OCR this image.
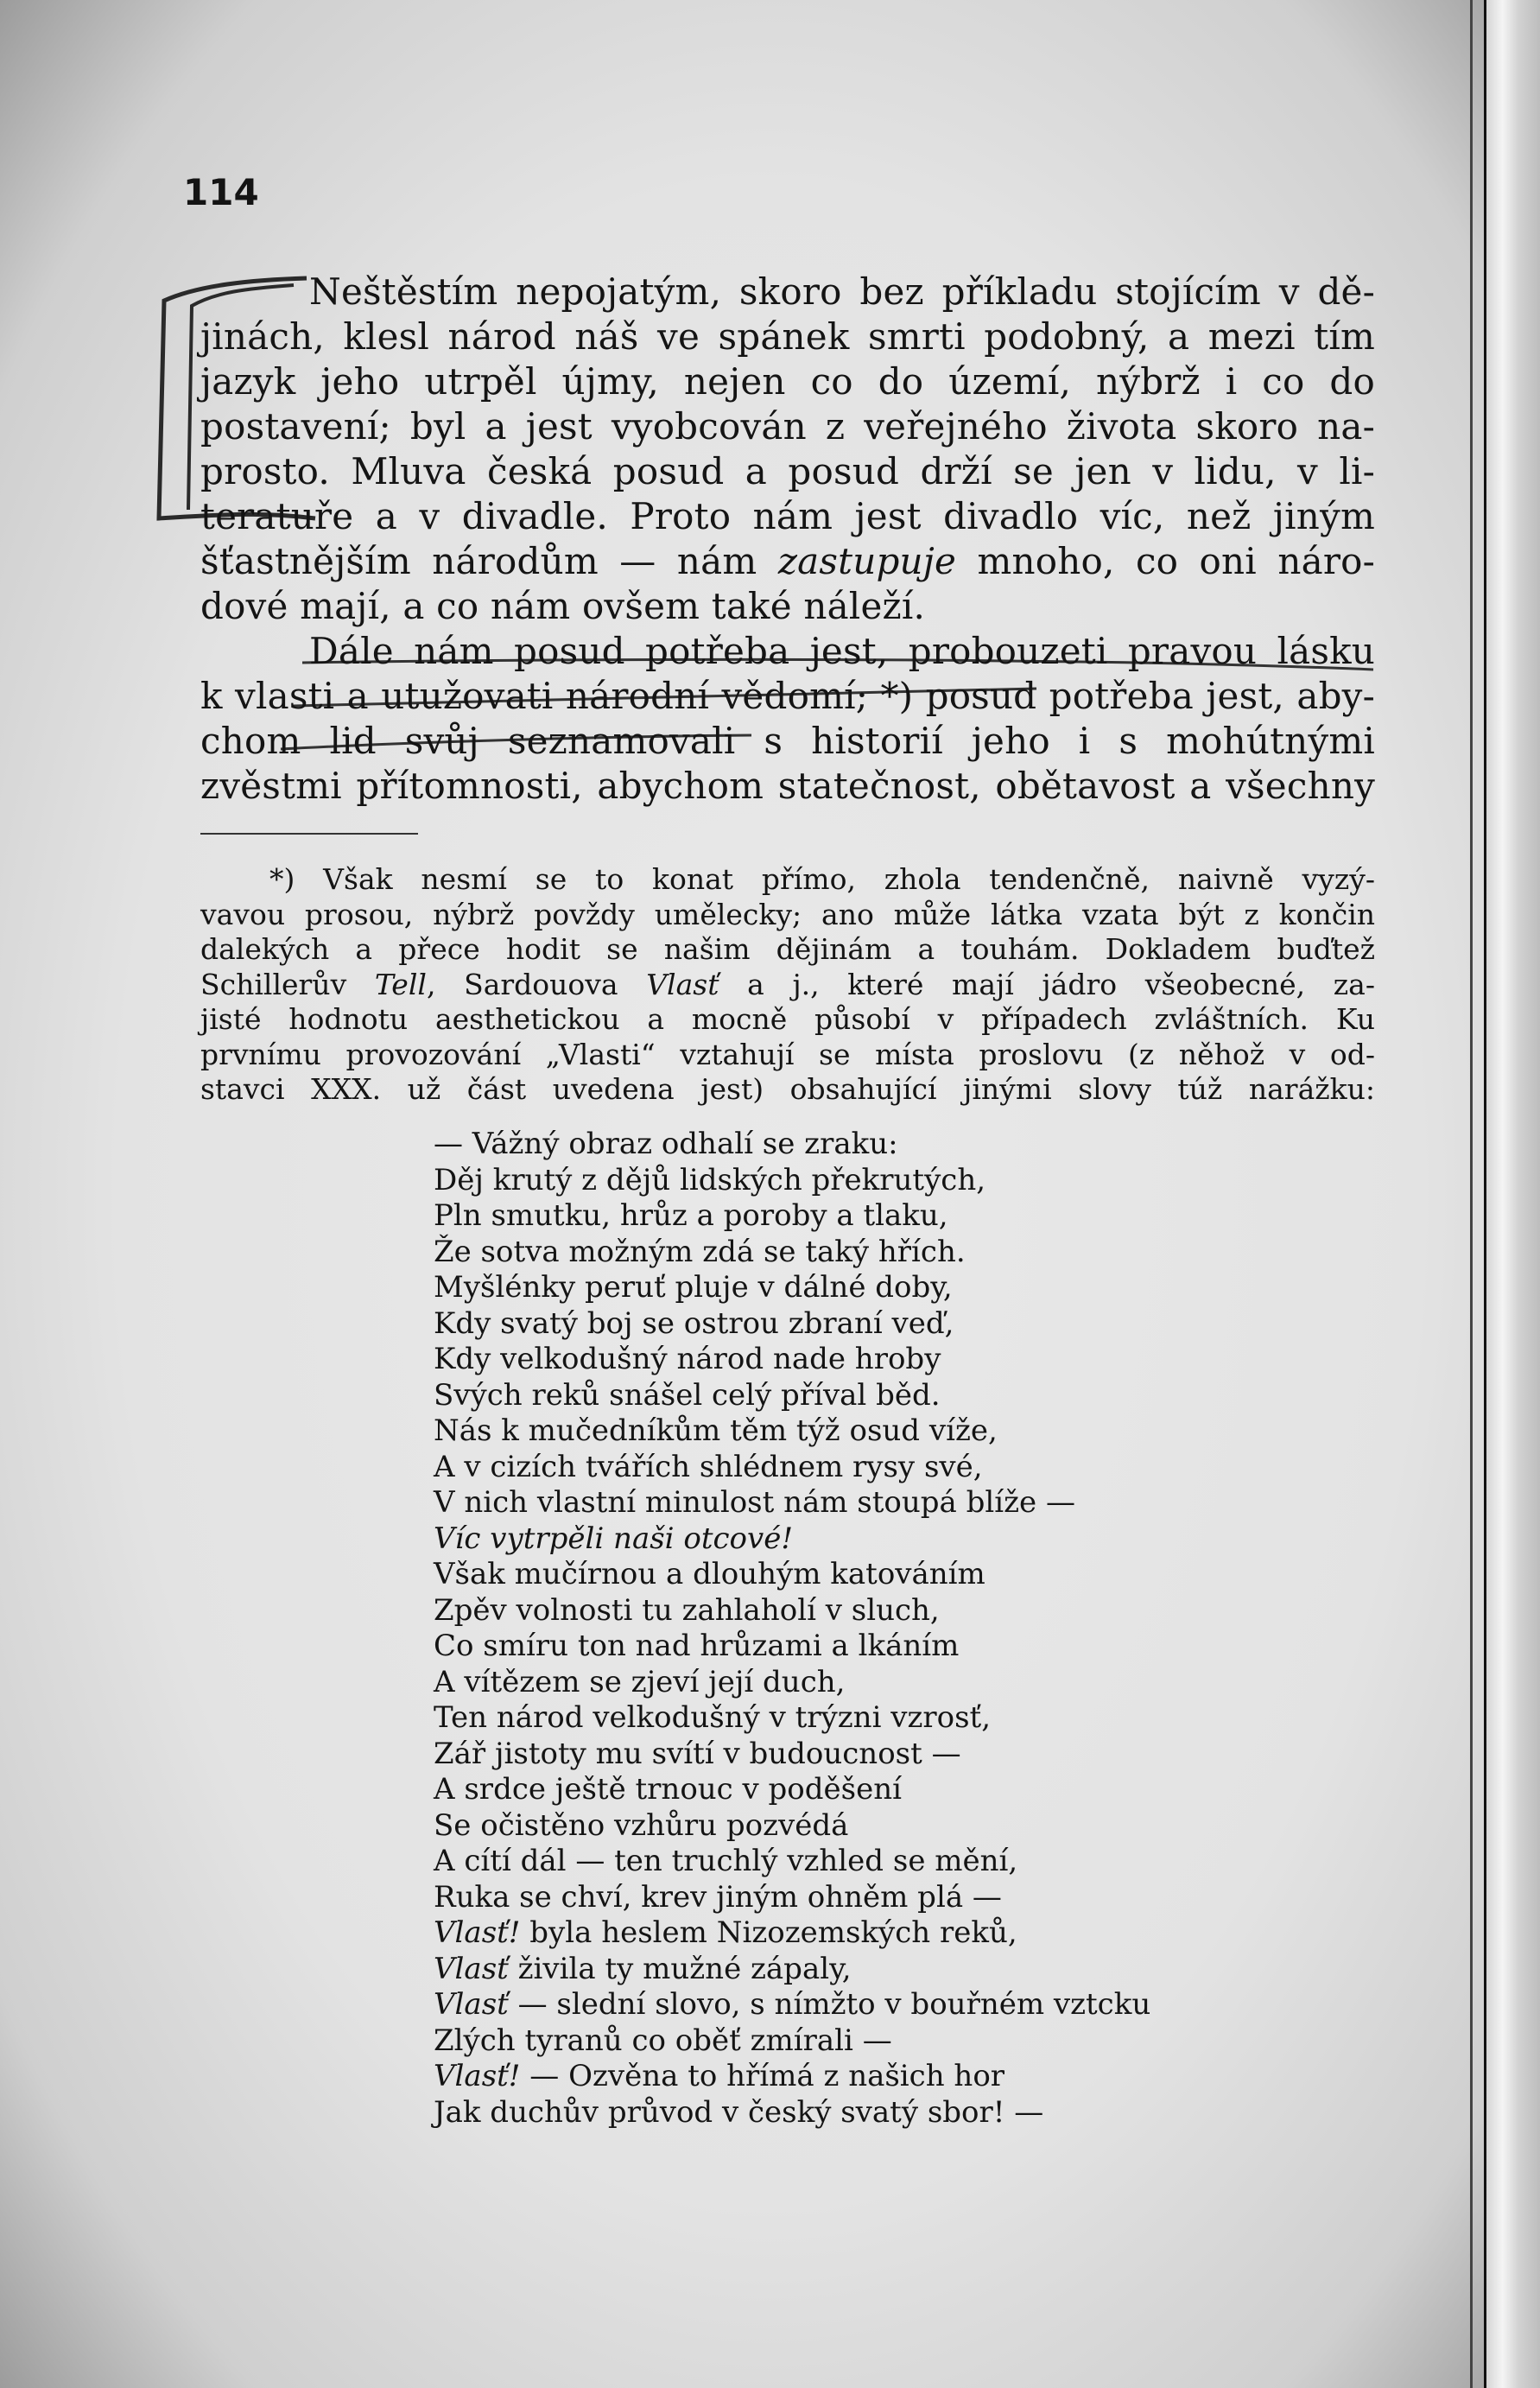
114
Neštěstím nepojatým, skoro bez příkladu stojícím v dě-
jinách, klesl národ náš ve spánek smrti podobný, a mezi tím
jazyk jeho utrpěl újmy, nejen co do území, nýbrž i co do
postavení; byl a jest vyobcován z veřejného života skoro na-
prosto. Mluva česká posud a posud drží se jen v lidu, v li-
teratuře a v divadle. Proto nám jest divadlo víc, než jiným
šťastnějším národům — nám zastupuje mnoho, co oni náro-
dové mají, a co nám ovšem také náleží.
Dále nám posud potřeba jest, probouzeti pravou lásku
k vlasti a utužovati národní vědomí; *) posud potřeba jest, aby-
chom lid svůj seznamovali s historií jeho i s mohútnými
zvěstmi přítomnosti, abychom statečnost, obětavost a všechny
*) Však nesmí se to konat přímo, zhola tendenčně, naivně vyzý-
vavou prosou, nýbrž povždy umělecky; ano může látka vzata být z končin
dalekých a přece hodit se našim dějinám a touhám. Dokladem buďtež
Schillerův Tell, Sardouova Vlasť a j., které mají jádro všeobecné, za-
jisté hodnotu aesthetickou a mocně působí v případech zvláštních. Ku
prvnímu provozování „Vlasti“ vztahují se místa proslovu (z něhož v od-
stavci XXX. už část uvedena jest) obsahující jinými slovy túž narážku:
— Vážný obraz odhalí se zraku:
Děj krutý z dějů lidských překrutých,
Pln smutku, hrůz a poroby a tlaku,
Že sotva možným zdá se taký hřích.
Myšlénky peruť pluje v dálné doby,
Kdy svatý boj se ostrou zbraní veď,
Kdy velkodušný národ nade hroby
Svých reků snášel celý příval běd.
Nás k mučedníkům těm týž osud víže,
A v cizích tvářích shlédnem rysy své,
V nich vlastní minulost nám stoupá blíže —
Víc vytrpěli naši otcové!
Však mučírnou a dlouhým katováním
Zpěv volnosti tu zahlaholí v sluch,
Co smíru ton nad hrůzami a lkáním
A vítězem se zjeví její duch,
Ten národ velkodušný v trýzni vzrosť,
Zář jistoty mu svítí v budoucnost —
A srdce ještě trnouc v poděšení
Se očistěno vzhůru pozvédá
A cítí dál — ten truchlý vzhled se mění,
Ruka se chví, krev jiným ohněm plá —
Vlasť! byla heslem Nizozemských reků,
Vlasť živila ty mužné zápaly,
Vlasť — slední slovo, s nímžto v bouřném vztcku
Zlých tyranů co oběť zmírali —
Vlasť! — Ozvěna to hřímá z našich hor
Jak duchův průvod v český svatý sbor! —
